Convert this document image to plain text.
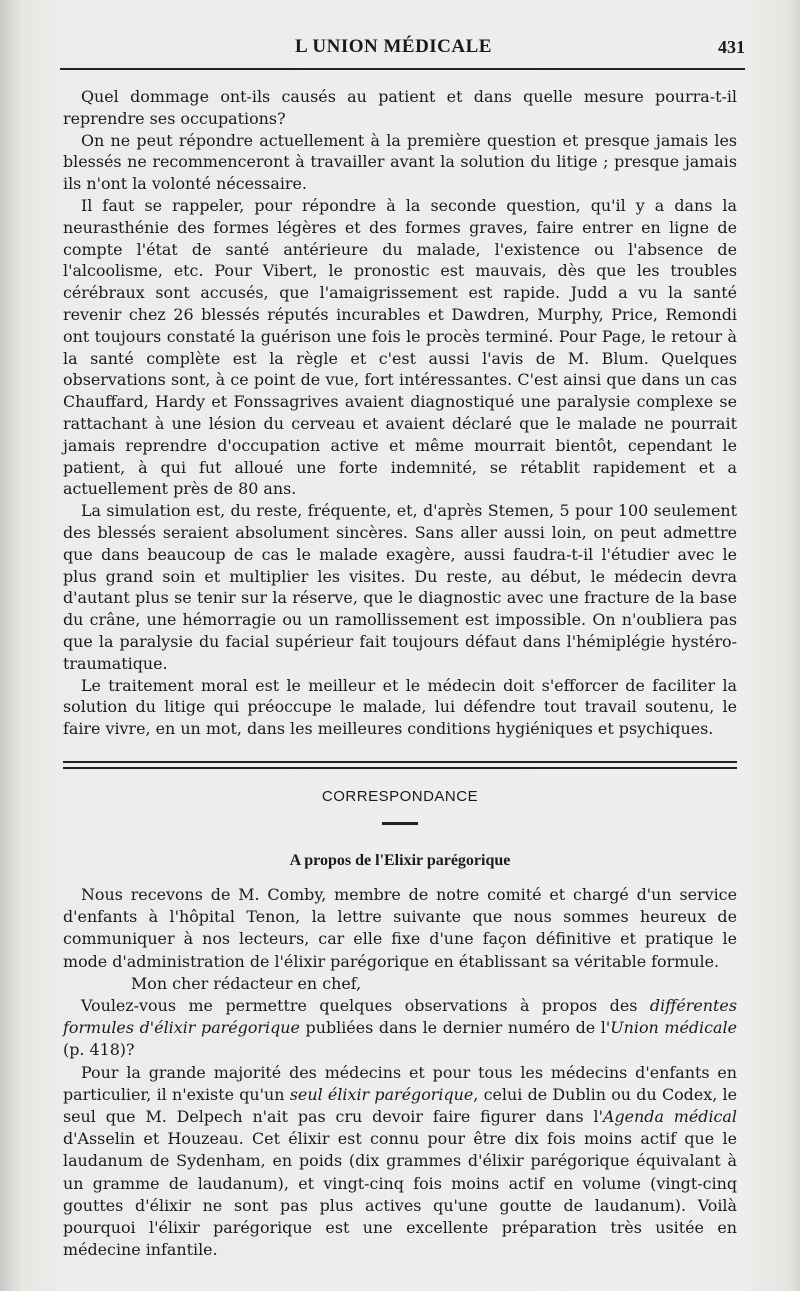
L UNION MÉDICALE	431

Quel dommage ont-ils causés au patient et dans quelle mesure pourra-t-il reprendre ses occupations?

On ne peut répondre actuellement à la première question et presque jamais les blessés ne recommenceront à travailler avant la solution du litige ; presque jamais ils n'ont la volonté nécessaire.

Il faut se rappeler, pour répondre à la seconde question, qu'il y a dans la neurasthénie des formes légères et des formes graves, faire entrer en ligne de compte l'état de santé antérieure du malade, l'existence ou l'absence de l'alcoolisme, etc. Pour Vibert, le pronostic est mauvais, dès que les troubles cérébraux sont accusés, que l'amaigrissement est rapide. Judd a vu la santé revenir chez 26 blessés réputés incurables et Dawdren, Murphy, Price, Remondi ont toujours constaté la guérison une fois le procès terminé. Pour Page, le retour à la santé complète est la règle et c'est aussi l'avis de M. Blum. Quelques observations sont, à ce point de vue, fort intéressantes. C'est ainsi que dans un cas Chauffard, Hardy et Fonssagrives avaient diagnostiqué une paralysie complexe se rattachant à une lésion du cerveau et avaient déclaré que le malade ne pourrait jamais reprendre d'occupation active et même mourrait bientôt, cependant le patient, à qui fut alloué une forte indemnité, se rétablit rapidement et a actuellement près de 80 ans.

La simulation est, du reste, fréquente, et, d'après Stemen, 5 pour 100 seulement des blessés seraient absolument sincères. Sans aller aussi loin, on peut admettre que dans beaucoup de cas le malade exagère, aussi faudra-t-il l'étudier avec le plus grand soin et multiplier les visites. Du reste, au début, le médecin devra d'autant plus se tenir sur la réserve, que le diagnostic avec une fracture de la base du crâne, une hémorragie ou un ramollissement est impossible. On n'oubliera pas que la paralysie du facial supérieur fait toujours défaut dans l'hémiplégie hystéro-traumatique.

Le traitement moral est le meilleur et le médecin doit s'efforcer de faciliter la solution du litige qui préoccupe le malade, lui défendre tout travail soutenu, le faire vivre, en un mot, dans les meilleures conditions hygiéniques et psychiques.

CORRESPONDANCE
A propos de l'Elixir parégorique

Nous recevons de M. Comby, membre de notre comité et chargé d'un service d'enfants à l'hôpital Tenon, la lettre suivante que nous sommes heureux de communiquer à nos lecteurs, car elle fixe d'une façon définitive et pratique le mode d'administration de l'élixir parégorique en établissant sa véritable formule.

Mon cher rédacteur en chef,

Voulez-vous me permettre quelques observations à propos des différentes formules d'élixir parégorique publiées dans le dernier numéro de l'Union médicale (p. 418)?

Pour la grande majorité des médecins et pour tous les médecins d'enfants en particulier, il n'existe qu'un seul élixir parégorique, celui de Dublin ou du Codex, le seul que M. Delpech n'ait pas cru devoir faire figurer dans l'Agenda médical d'Asselin et Houzeau. Cet élixir est connu pour être dix fois moins actif que le laudanum de Sydenham, en poids (dix grammes d'élixir parégorique équivalant à un gramme de laudanum), et vingt-cinq fois moins actif en volume (vingt-cinq gouttes d'élixir ne sont pas plus actives qu'une goutte de laudanum). Voilà pourquoi l'élixir parégorique est une excellente préparation très usitée en médecine infantile.
